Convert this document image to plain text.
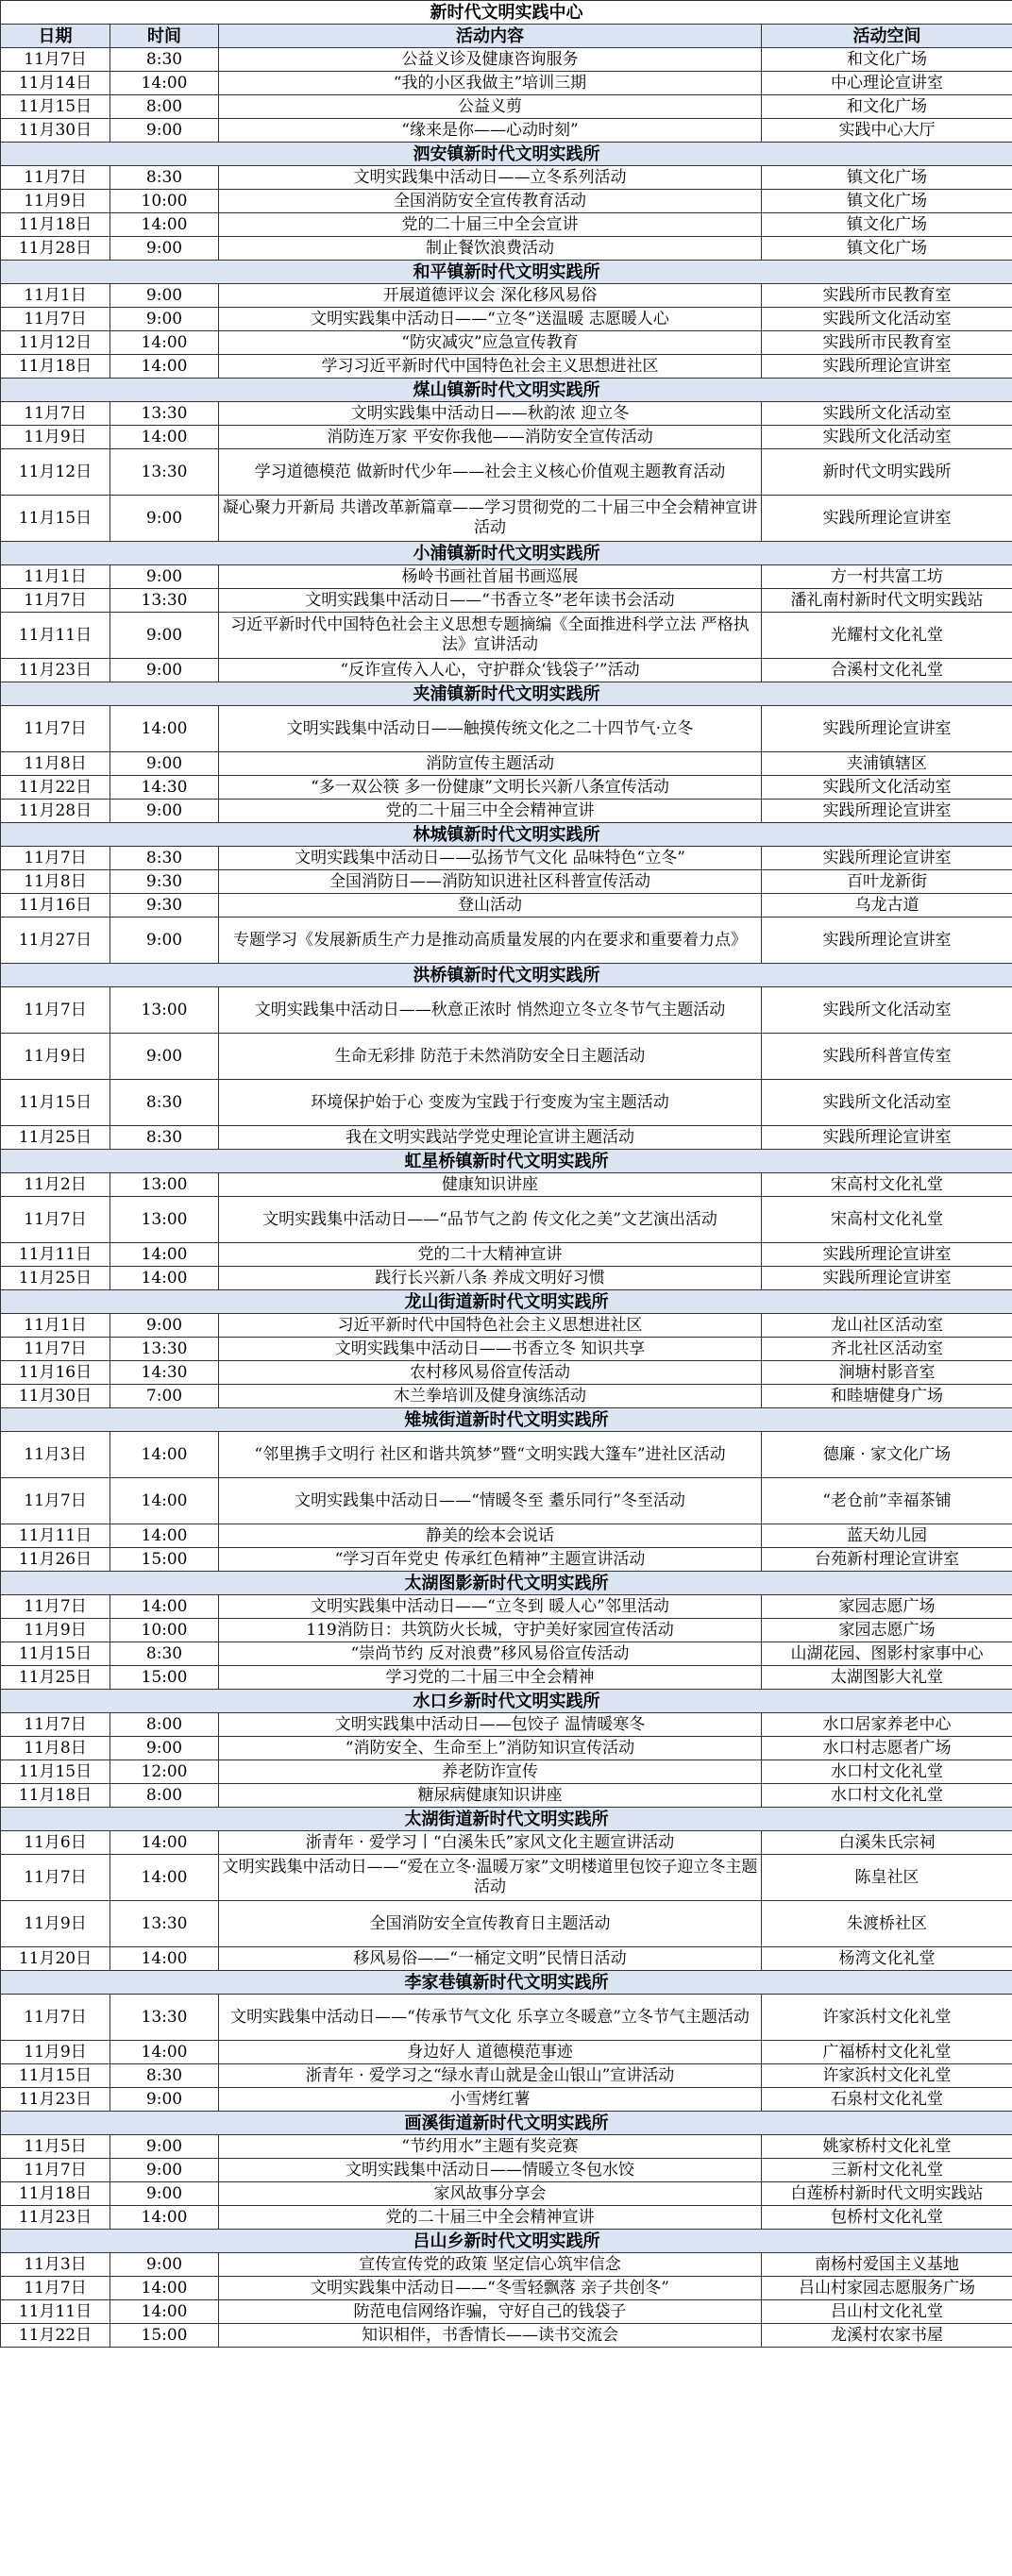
新时代文明实践中心			
日期	时间	活动内容	活动空间
11月7日	8:30	公益义诊及健康咨询服务	和文化广场
11月14日	14:00	“我的小区我做主”培训三期	中心理论宣讲室
11月15日	8:00	公益义剪	和文化广场
11月30日	9:00	“缘来是你——心动时刻”	实践中心大厅
泗安镇新时代文明实践所			
11月7日	8:30	文明实践集中活动日——立冬系列活动	镇文化广场
11月9日	10:00	全国消防安全宣传教育活动	镇文化广场
11月18日	14:00	党的二十届三中全会宣讲	镇文化广场
11月28日	9:00	制止餐饮浪费活动	镇文化广场
和平镇新时代文明实践所			
11月1日	9:00	开展道德评议会 深化移风易俗	实践所市民教育室
11月7日	9:00	文明实践集中活动日——“立冬”送温暖 志愿暖人心	实践所文化活动室
11月12日	14:00	“防灾减灾”应急宣传教育	实践所市民教育室
11月18日	14:00	学习习近平新时代中国特色社会主义思想进社区	实践所理论宣讲室
煤山镇新时代文明实践所			
11月7日	13:30	文明实践集中活动日——秋韵浓 迎立冬	实践所文化活动室
11月9日	14:00	消防连万家 平安你我他——消防安全宣传活动	实践所文化活动室
11月12日	13:30	学习道德模范 做新时代少年——社会主义核心价值观主题教育活动	新时代文明实践所
11月15日	9:00	凝心聚力开新局 共谱改革新篇章——学习贯彻党的二十届三中全会精神宣讲活动	实践所理论宣讲室
小浦镇新时代文明实践所			
11月1日	9:00	杨岭书画社首届书画巡展	方一村共富工坊
11月7日	13:30	文明实践集中活动日——“书香立冬”老年读书会活动	潘礼南村新时代文明实践站
11月11日	9:00	习近平新时代中国特色社会主义思想专题摘编《全面推进科学立法 严格执法》宣讲活动	光耀村文化礼堂
11月23日	9:00	“反诈宣传入人心，守护群众‘钱袋子’”活动	合溪村文化礼堂
夹浦镇新时代文明实践所			
11月7日	14:00	文明实践集中活动日——触摸传统文化之二十四节气·立冬	实践所理论宣讲室
11月8日	9:00	消防宣传主题活动	夹浦镇辖区
11月22日	14:30	“多一双公筷 多一份健康”文明长兴新八条宣传活动	实践所文化活动室
11月28日	9:00	党的二十届三中全会精神宣讲	实践所理论宣讲室
林城镇新时代文明实践所			
11月7日	8:30	文明实践集中活动日——弘扬节气文化 品味特色“立冬”	实践所理论宣讲室
11月8日	9:30	全国消防日——消防知识进社区科普宣传活动	百叶龙新街
11月16日	9:30	登山活动	乌龙古道
11月27日	9:00	专题学习《发展新质生产力是推动高质量发展的内在要求和重要着力点》	实践所理论宣讲室
洪桥镇新时代文明实践所			
11月7日	13:00	文明实践集中活动日——秋意正浓时 悄然迎立冬立冬节气主题活动	实践所文化活动室
11月9日	9:00	生命无彩排 防范于未然消防安全日主题活动	实践所科普宣传室
11月15日	8:30	环境保护始于心 变废为宝践于行变废为宝主题活动	实践所文化活动室
11月25日	8:30	我在文明实践站学党史理论宣讲主题活动	实践所理论宣讲室
虹星桥镇新时代文明实践所			
11月2日	13:00	健康知识讲座	宋高村文化礼堂
11月7日	13:00	文明实践集中活动日——“品节气之韵 传文化之美”文艺演出活动	宋高村文化礼堂
11月11日	14:00	党的二十大精神宣讲	实践所理论宣讲室
11月25日	14:00	践行长兴新八条 养成文明好习惯	实践所理论宣讲室
龙山街道新时代文明实践所			
11月1日	9:00	习近平新时代中国特色社会主义思想进社区	龙山社区活动室
11月7日	13:30	文明实践集中活动日——书香立冬 知识共享	齐北社区活动室
11月16日	14:30	农村移风易俗宣传活动	涧塘村影音室
11月30日	7:00	木兰拳培训及健身演练活动	和睦塘健身广场
雉城街道新时代文明实践所			
11月3日	14:00	“邻里携手文明行 社区和谐共筑梦”暨“文明实践大篷车”进社区活动	德廉 · 家文化广场
11月7日	14:00	文明实践集中活动日——“情暖冬至 耋乐同行”冬至活动	“老仓前”幸福茶铺
11月11日	14:00	静美的绘本会说话	蓝天幼儿园
11月26日	15:00	“学习百年党史 传承红色精神”主题宣讲活动	台苑新村理论宣讲室
太湖图影新时代文明实践所			
11月7日	14:00	文明实践集中活动日——“立冬到 暖人心”邻里活动	家园志愿广场
11月9日	10:00	119消防日：共筑防火长城，守护美好家园宣传活动	家园志愿广场
11月15日	8:30	“崇尚节约 反对浪费”移风易俗宣传活动	山湖花园、图影村家事中心
11月25日	15:00	学习党的二十届三中全会精神	太湖图影大礼堂
水口乡新时代文明实践所			
11月7日	8:00	文明实践集中活动日——包饺子 温情暖寒冬	水口居家养老中心
11月8日	9:00	“消防安全、生命至上”消防知识宣传活动	水口村志愿者广场
11月15日	12:00	养老防诈宣传	水口村文化礼堂
11月18日	8:00	糖尿病健康知识讲座	水口村文化礼堂
太湖街道新时代文明实践所			
11月6日	14:00	浙青年 · 爱学习丨“白溪朱氏”家风文化主题宣讲活动	白溪朱氏宗祠
11月7日	14:00	文明实践集中活动日——“爱在立冬·温暖万家”文明楼道里包饺子迎立冬主题活动	陈皇社区
11月9日	13:30	全国消防安全宣传教育日主题活动	朱渡桥社区
11月20日	14:00	移风易俗——“一桶定文明”民情日活动	杨湾文化礼堂
李家巷镇新时代文明实践所			
11月7日	13:30	文明实践集中活动日——“传承节气文化 乐享立冬暖意”立冬节气主题活动	许家浜村文化礼堂
11月9日	14:00	身边好人 道德模范事迹	广福桥村文化礼堂
11月15日	8:30	浙青年 · 爱学习之“绿水青山就是金山银山”宣讲活动	许家浜村文化礼堂
11月23日	9:00	小雪烤红薯	石泉村文化礼堂
画溪街道新时代文明实践所			
11月5日	9:00	“节约用水”主题有奖竞赛	姚家桥村文化礼堂
11月7日	9:00	文明实践集中活动日——情暖立冬包水饺	三新村文化礼堂
11月18日	9:00	家风故事分享会	白莲桥村新时代文明实践站
11月23日	14:00	党的二十届三中全会精神宣讲	包桥村文化礼堂
吕山乡新时代文明实践所			
11月3日	9:00	宣传宣传党的政策 坚定信心筑牢信念	南杨村爱国主义基地
11月7日	14:00	文明实践集中活动日——“冬雪轻飘落 亲子共创冬”	吕山村家园志愿服务广场
11月11日	14:00	防范电信网络诈骗，守好自己的钱袋子	吕山村文化礼堂
11月22日	15:00	知识相伴，书香情长——读书交流会	龙溪村农家书屋
